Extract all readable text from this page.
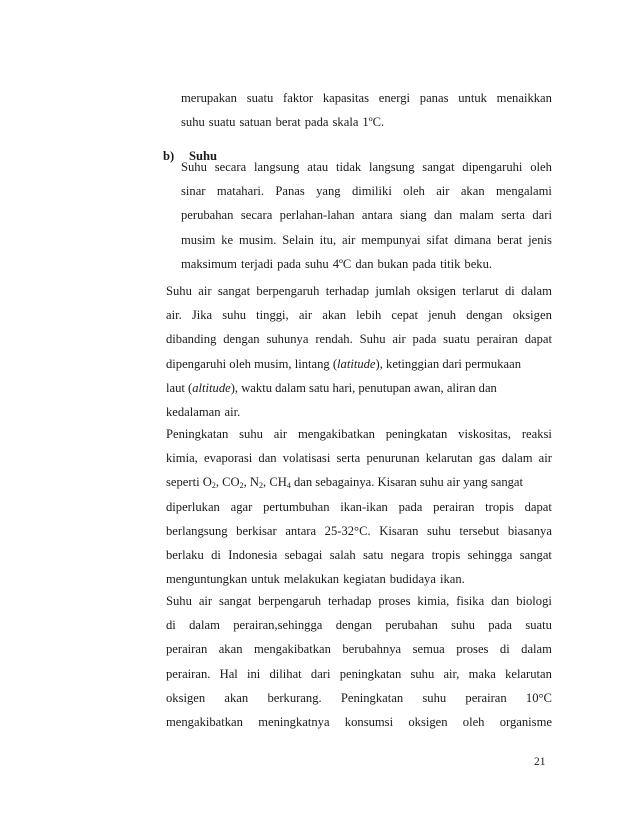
merupakan suatu faktor kapasitas energi panas untuk menaikkan
suhu suatu satuan berat pada skala 1ºC.
b) Suhu
Suhu secara langsung atau tidak langsung sangat dipengaruhi oleh
sinar matahari. Panas yang dimiliki oleh air akan mengalami
perubahan secara perlahan-lahan antara siang dan malam serta dari
musim ke musim. Selain itu, air mempunyai sifat dimana berat jenis
maksimum terjadi pada suhu 4ºC dan bukan pada titik beku.
Suhu air sangat berpengaruh terhadap jumlah oksigen terlarut di dalam
air. Jika suhu tinggi, air akan lebih cepat jenuh dengan oksigen
dibanding dengan suhunya rendah. Suhu air pada suatu perairan dapat
dipengaruhi oleh musim, lintang (latitude), ketinggian dari permukaan
laut (altitude), waktu dalam satu hari, penutupan awan, aliran dan
kedalaman air.
Peningkatan suhu air mengakibatkan peningkatan viskositas, reaksi
kimia, evaporasi dan volatisasi serta penurunan kelarutan gas dalam air
seperti $O_2$, $CO_2$, $N_2$, $CH_4$ dan sebagainya. Kisaran suhu air yang sangat
diperlukan agar pertumbuhan ikan-ikan pada perairan tropis dapat
berlangsung berkisar antara 25-32°C. Kisaran suhu tersebut biasanya
berlaku di Indonesia sebagai salah satu negara tropis sehingga sangat
menguntungkan untuk melakukan kegiatan budidaya ikan.
Suhu air sangat berpengaruh terhadap proses kimia, fisika dan biologi
di dalam perairan,sehingga dengan perubahan suhu pada suatu
perairan akan mengakibatkan berubahnya semua proses di dalam
perairan. Hal ini dilihat dari peningkatan suhu air, maka kelarutan
oksigen akan berkurang. Peningkatan suhu perairan 10°C
mengakibatkan meningkatnya konsumsi oksigen oleh organisme
21
